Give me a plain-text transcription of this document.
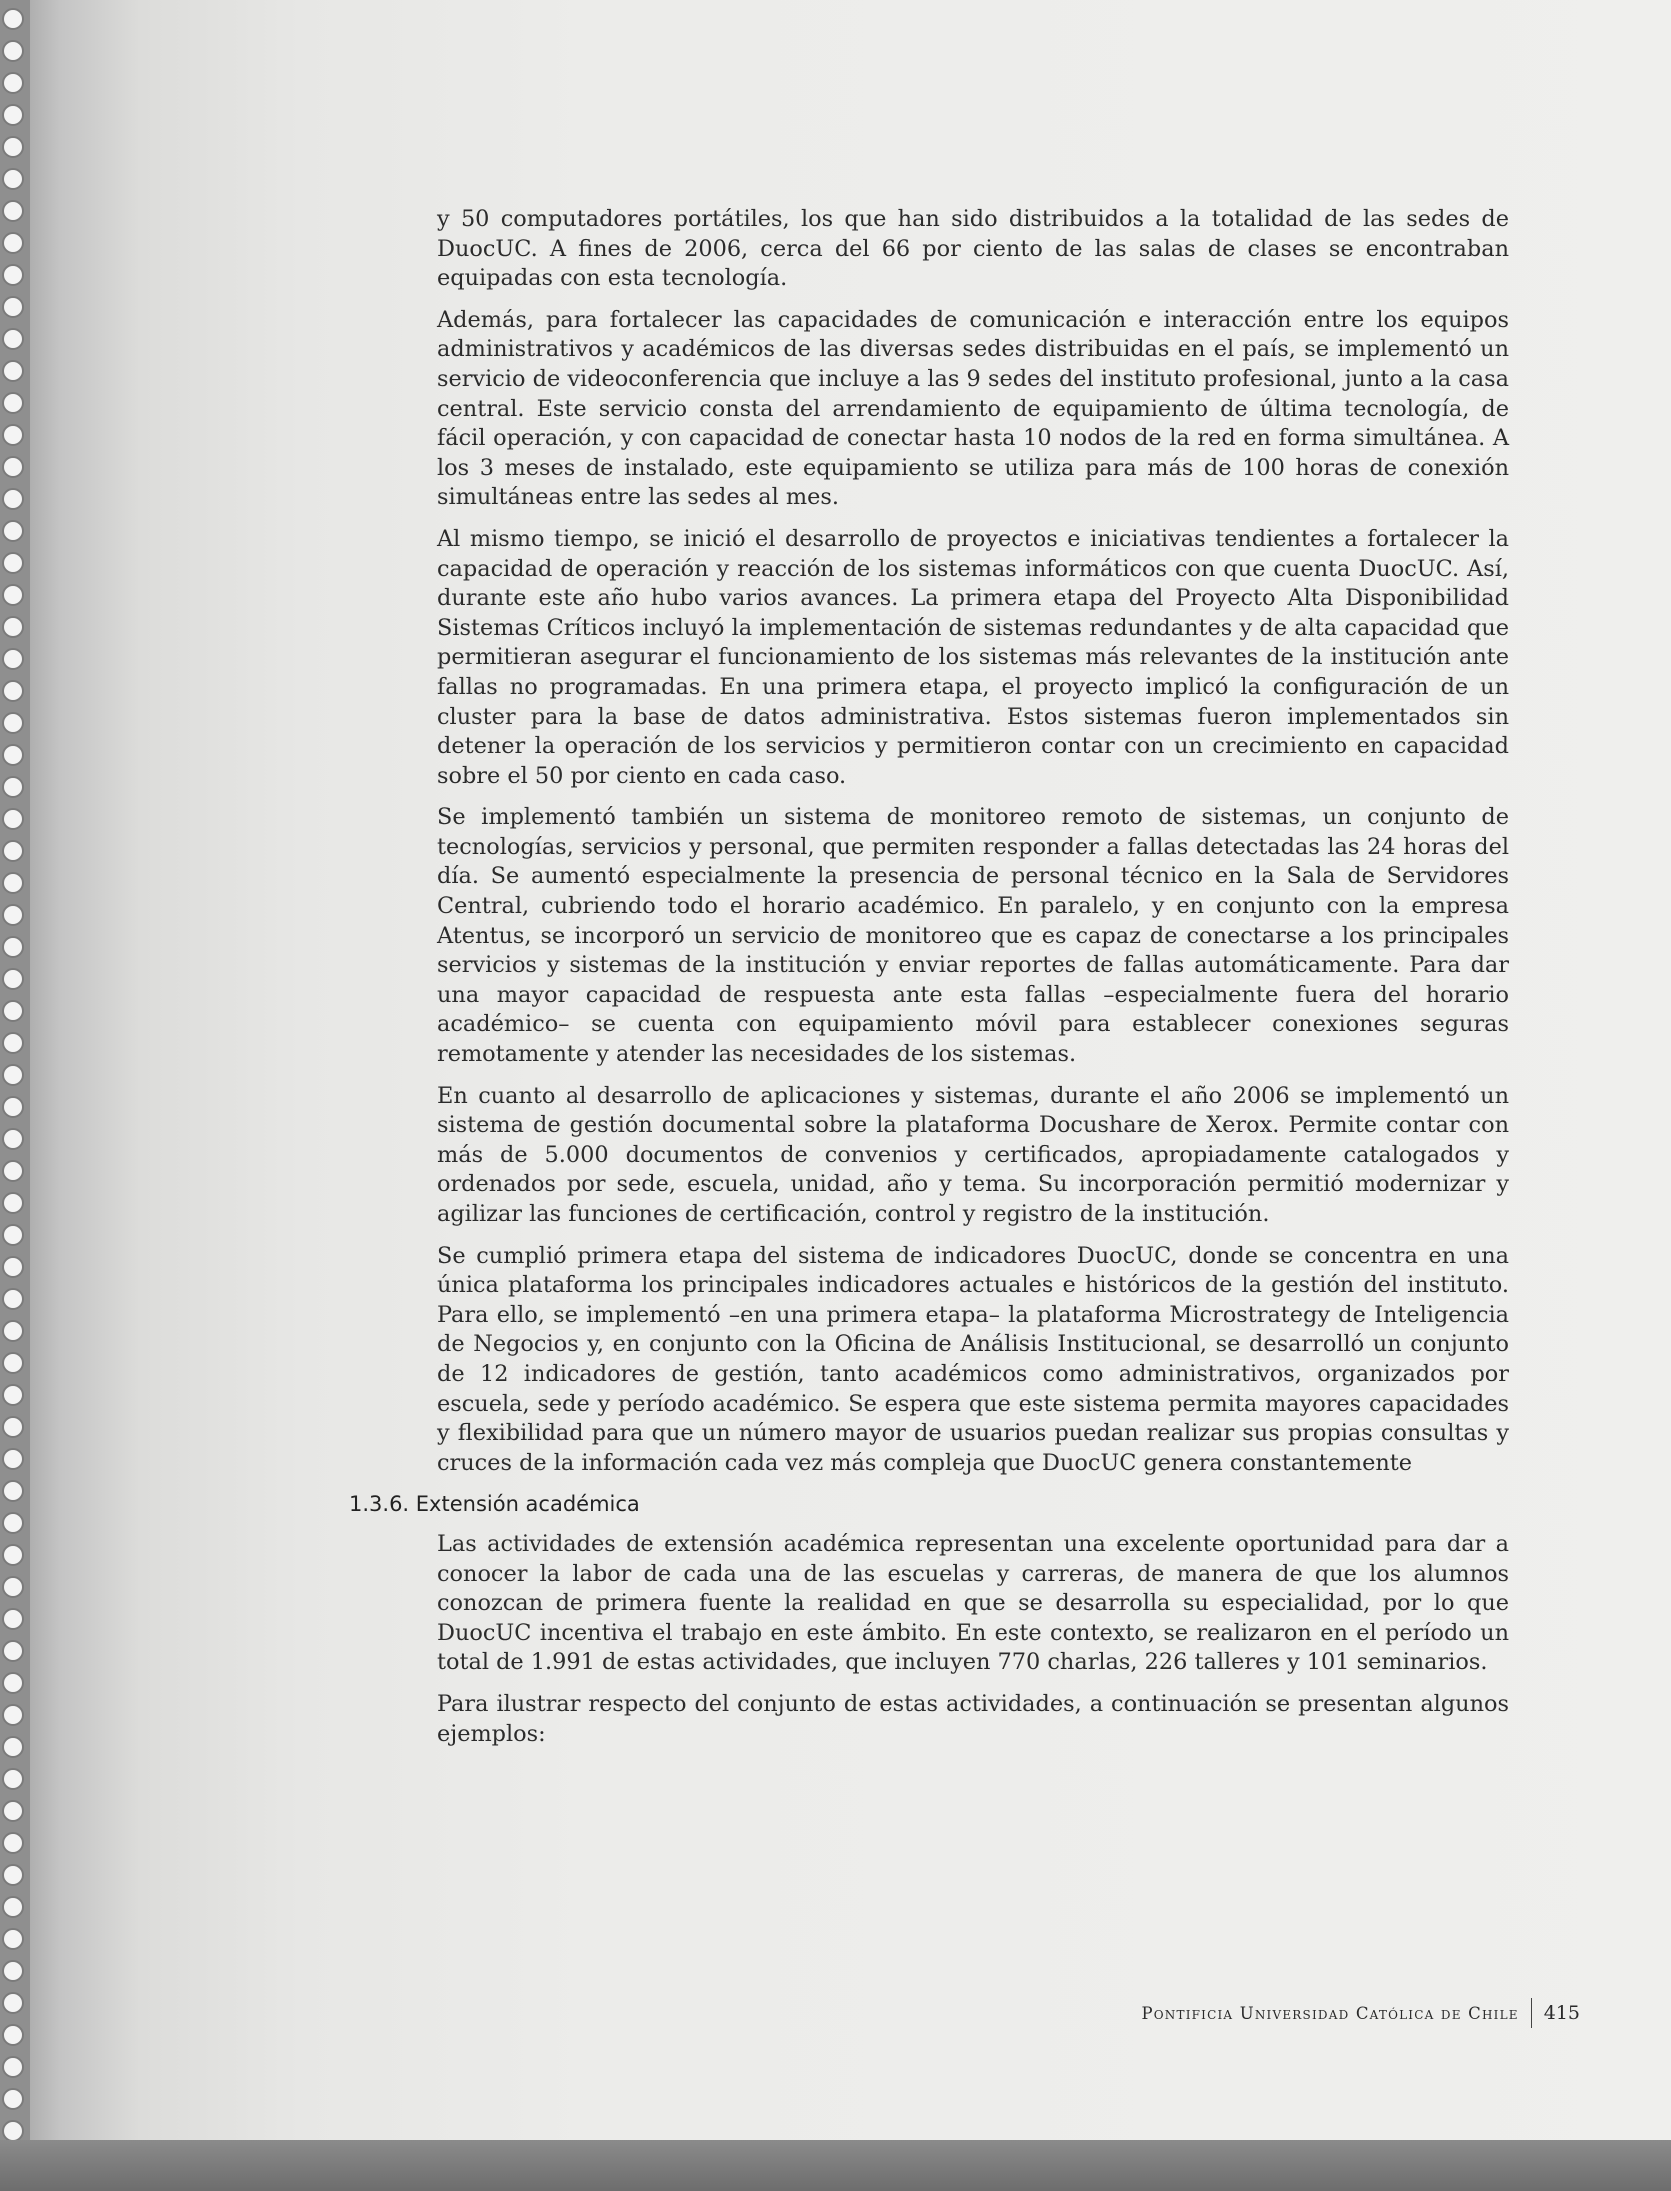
y 50 computadores portátiles, los que han sido distribuidos a la totalidad de las sedes de DuocUC. A fines de 2006, cerca del 66 por ciento de las salas de clases se encontraban equipadas con esta tecnología.

Además, para fortalecer las capacidades de comunicación e interacción entre los equipos administrativos y académicos de las diversas sedes distribuidas en el país, se implementó un servicio de videoconferencia que incluye a las 9 sedes del instituto profesional, junto a la casa central. Este servicio consta del arrendamiento de equipamiento de última tecnología, de fácil operación, y con capacidad de conectar hasta 10 nodos de la red en forma simultánea. A los 3 meses de instalado, este equipamiento se utiliza para más de 100 horas de conexión simultáneas entre las sedes al mes.

Al mismo tiempo, se inició el desarrollo de proyectos e iniciativas tendientes a fortalecer la capacidad de operación y reacción de los sistemas informáticos con que cuenta DuocUC. Así, durante este año hubo varios avances. La primera etapa del Proyecto Alta Disponibilidad Sistemas Críticos incluyó la implementación de sistemas redundantes y de alta capacidad que permitieran asegurar el funcionamiento de los sistemas más relevantes de la institución ante fallas no programadas. En una primera etapa, el proyecto implicó la configuración de un cluster para la base de datos administrativa. Estos sistemas fueron implementados sin detener la operación de los servicios y permitieron contar con un crecimiento en capacidad sobre el 50 por ciento en cada caso.

Se implementó también un sistema de monitoreo remoto de sistemas, un conjunto de tecnologías, servicios y personal, que permiten responder a fallas detectadas las 24 horas del día. Se aumentó especialmente la presencia de personal técnico en la Sala de Servidores Central, cubriendo todo el horario académico. En paralelo, y en conjunto con la empresa Atentus, se incorporó un servicio de monitoreo que es capaz de conectarse a los principales servicios y sistemas de la institución y enviar reportes de fallas automáticamente. Para dar una mayor capacidad de respuesta ante esta fallas –especialmente fuera del horario académico– se cuenta con equipamiento móvil para establecer conexiones seguras remotamente y atender las necesidades de los sistemas.

En cuanto al desarrollo de aplicaciones y sistemas, durante el año 2006 se implementó un sistema de gestión documental sobre la plataforma Docushare de Xerox. Permite contar con más de 5.000 documentos de convenios y certificados, apropiadamente catalogados y ordenados por sede, escuela, unidad, año y tema. Su incorporación permitió modernizar y agilizar las funciones de certificación, control y registro de la institución.

Se cumplió primera etapa del sistema de indicadores DuocUC, donde se concentra en una única plataforma los principales indicadores actuales e históricos de la gestión del instituto. Para ello, se implementó –en una primera etapa– la plataforma Microstrategy de Inteligencia de Negocios y, en conjunto con la Oficina de Análisis Institucional, se desarrolló un conjunto de 12 indicadores de gestión, tanto académicos como administrativos, organizados por escuela, sede y período académico. Se espera que este sistema permita mayores capacidades y flexibilidad para que un número mayor de usuarios puedan realizar sus propias consultas y cruces de la información cada vez más compleja que DuocUC genera constantemente

1.3.6. Extensión académica

Las actividades de extensión académica representan una excelente oportunidad para dar a conocer la labor de cada una de las escuelas y carreras, de manera de que los alumnos conozcan de primera fuente la realidad en que se desarrolla su especialidad, por lo que DuocUC incentiva el trabajo en este ámbito. En este contexto, se realizaron en el período un total de 1.991 de estas actividades, que incluyen 770 charlas, 226 talleres y 101 seminarios.

Para ilustrar respecto del conjunto de estas actividades, a continuación se presentan algunos ejemplos:

Pontificia Universidad Católica de Chile 415
